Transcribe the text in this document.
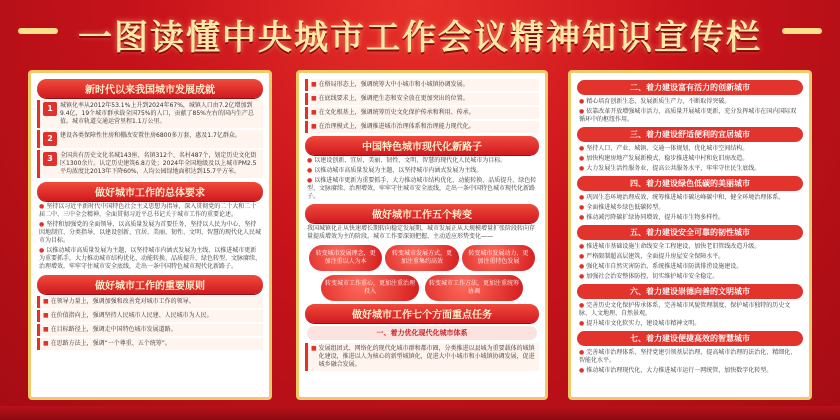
一图读懂中央城市工作会议精神知识宣传栏
新时代以来我国城市发展成就
1	城镇化率从2012年53.1%上升到2024年67%，城镇人口由7.2亿增加到9.4亿，19个城市群承载全国75%的人口，贡献了85%左右的国内生产总值。城市轨道交通运营里程1.1万公里。
2	建设各类保障性住房和棚改安置住房6800多万套，惠及1.7亿群众。
3	全国共有历史文化名城143座、名镇312个、名村487个，划定历史文化街区1300余片。认定历史建筑6.8万处；2024年全国地级及以上城市PM2.5平均浓度比2013年下降60%，人均公园绿地面积达到15.7平方米。
做好城市工作的总体要求
● 坚持以习近平新时代中国特色社会主义思想为指导，深入贯彻党的二十大和二十届二中、三中全会精神，全面贯彻习近平总书记关于城市工作的重要论述。
● 坚持和加强党的全面领导，以高质量发展为首要任务，坚持以人民为中心，坚持因地制宜、分类指导，以建设创新、宜居、美丽、韧性、文明、智慧的现代化人民城市为目标。
● 以推动城市高质量发展为主题，以坚持城市内涵式发展为主线，以推进城市更新为重要抓手，大力推动城市结构优化、动能转换、品质提升、绿色转型、文脉赓续、治理增效，牢牢守住城市安全底线，走出一条中国特色城市现代化新路子。
做好城市工作的重要原则
■ 在领导力量上，强调加强和改善党对城市工作的领导。
■ 在价值指向上，强调坚持人民城市人民建、人民城市为人民。
■ 在目标路径上，强调走中国特色城市发展道路。
■ 在思路方法上，强调“一个尊重、五个统筹”。
■ 在格局形态上，强调统筹大中小城市和小城镇协调发展。
■ 在底线要求上，强调把生态和安全放在更加突出的位置。
■ 在文化根基上，强调统筹历史文化保护传承和利用、传承。
■ 在治理模式上，强调推进城市治理体系和治理能力现代化。
中国特色城市现代化新路子
● 以建设创新、宜居、美丽、韧性、文明、智慧的现代化人民城市为目标。
● 以推动城市高质量发展为主题，以坚持城市内涵式发展为主线。
● 以推进城市更新为重要抓手，大力推动城市结构优化、动能转换、品质提升、绿色转型、文脉赓续、治理增效，牢牢守住城市安全底线，走出一条中国特色城市现代化新路子。
做好城市工作五个转变
我国城镇化正从快速增长期转向稳定发展期，城市发展正从大规模增量扩张阶段转向存量提质增效为主的阶段。城市工作要深刻把握、主动适应形势变化——
转变城市发展理念，更加注重以人为本
转变城市发展方式，更加注重集约高效
转变城市发展动力，更加注重特色发展
转变城市工作重心，更加注重治理投入
转变城市工作方法，更加注重统筹协调
做好城市工作七个方面重点任务
一、着力优化现代化城市体系
■ 发展组团式、网络化的现代化城市群和都市圈，分类推进以县城为重要载体的城镇化建设，推进以人为核心的新型城镇化，促进大中小城市和小城镇协调发展，促进城乡融合发展。
二、着力建设富有活力的创新城市
● 精心培育创新生态，发展新质生产力，不断取得突破。
● 依靠改革开放增强城市活力，高质量开展城市更新，充分发挥城市在国内国际双循环中的枢纽作用。
三、着力建设舒适便利的宜居城市
● 坚持人口、产业、城镇、交通一体规划，优化城市空间结构。
● 加快构建房地产发展新模式，稳步推进城中村和危旧房改造。
● 大力发展生活性服务业，提高公共服务水平，牢牢守住民生底线。
四、着力建设绿色低碳的美丽城市
● 巩固生态环境治理成效，统筹推进城市碳达峰碳中和，健全环境治理体系。
● 全面推进城乡绿色低碳转型。
● 推动减污降碳扩绿协同增效，提升城市生物多样性。
五、着力建设安全可靠的韧性城市
● 推进城市基础设施生命线安全工程建设，加快老旧管线改造升级。
● 严格限制超高层建筑，全面提升房屋安全保障水平。
● 强化城市自然灾害防治，系统推进城市防洪排涝设施建设。
● 加强社会治安整体防控，切实维护城市安全稳定。
六、着力建设崇德向善的文明城市
● 完善历史文化保护传承体系，完善城市风貌管理制度，保护城市独特的历史文脉、人文地理、自然景观。
● 提升城市文化软实力，建设城市精神文明。
七、着力建设便捷高效的智慧城市
● 完善城市治理体系，坚持党建引领基层治理，提高城市治理的法治化、精细化、智能化水平。
● 推动城市治理现代化，大力推进城市运行一网统管，加快数字化转型。
